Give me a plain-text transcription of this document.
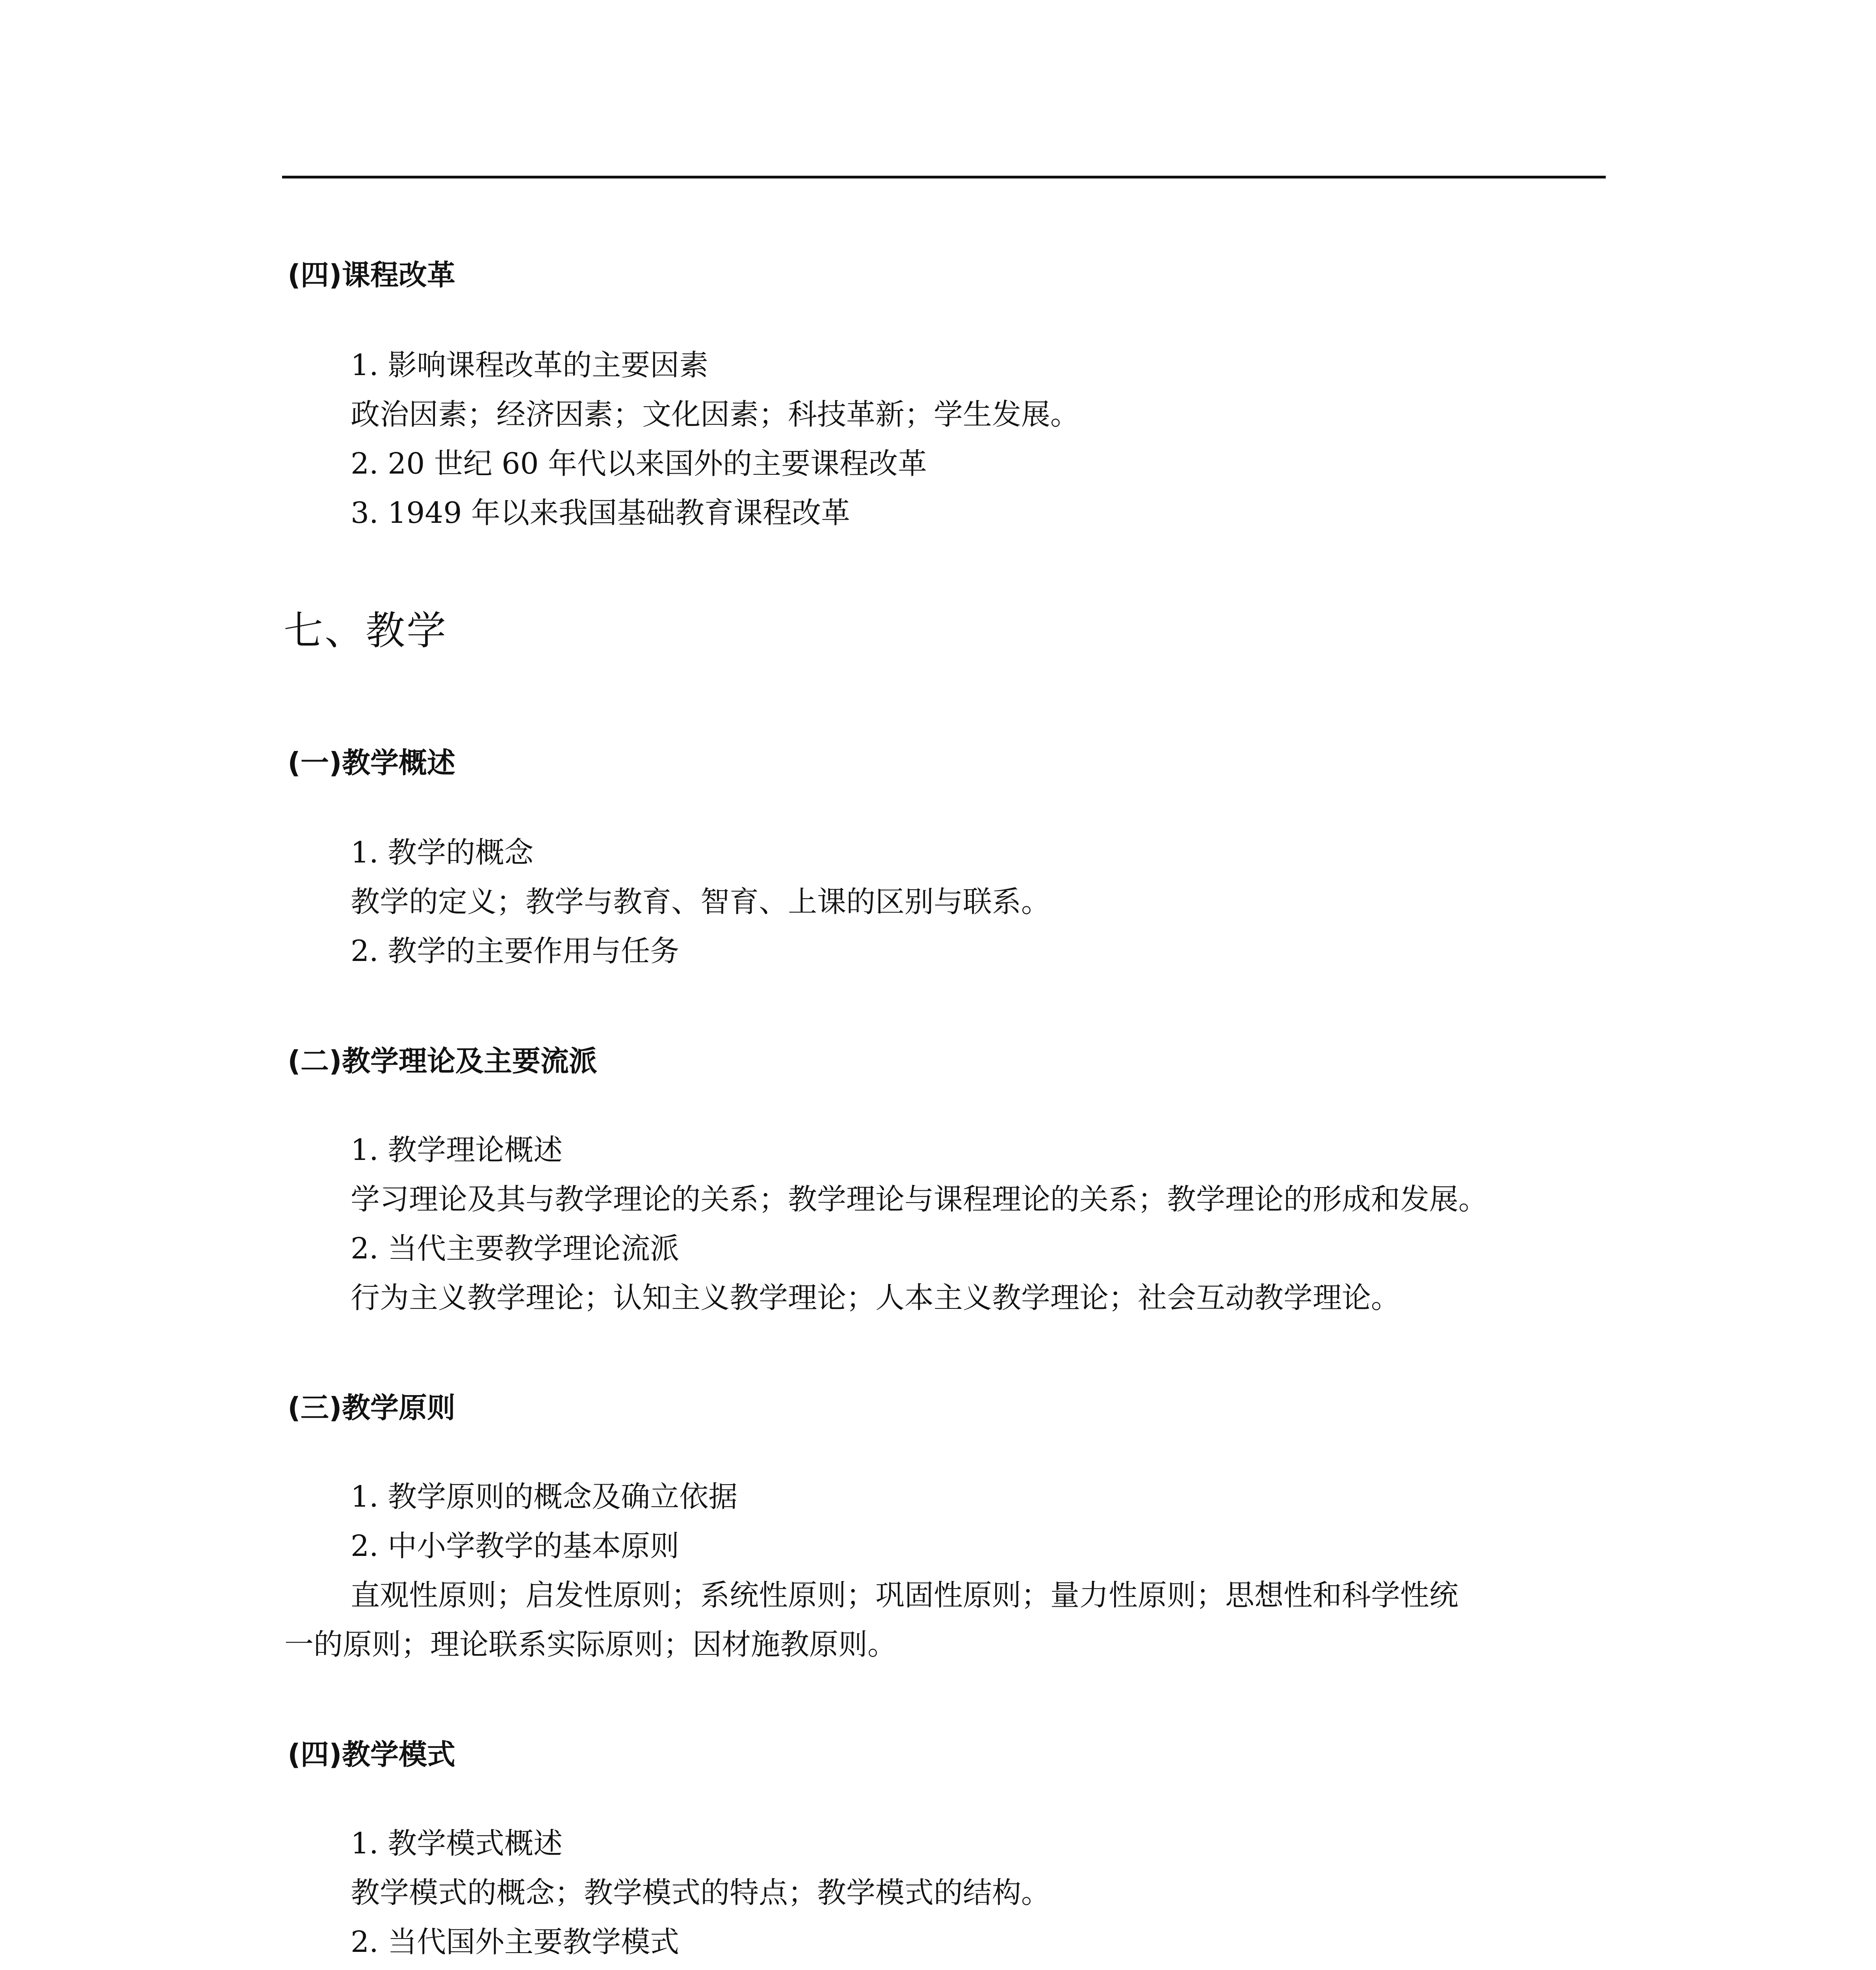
(四)课程改革
1. 影响课程改革的主要因素
政治因素；经济因素；文化因素；科技革新；学生发展。
2. 20 世纪 60 年代以来国外的主要课程改革
3. 1949 年以来我国基础教育课程改革
七、教学
(一)教学概述
1. 教学的概念
教学的定义；教学与教育、智育、上课的区别与联系。
2. 教学的主要作用与任务
(二)教学理论及主要流派
1. 教学理论概述
学习理论及其与教学理论的关系；教学理论与课程理论的关系；教学理论的形成和发展。
2. 当代主要教学理论流派
行为主义教学理论；认知主义教学理论；人本主义教学理论；社会互动教学理论。
(三)教学原则
1. 教学原则的概念及确立依据
2. 中小学教学的基本原则
直观性原则；启发性原则；系统性原则；巩固性原则；量力性原则；思想性和科学性统
一的原则；理论联系实际原则；因材施教原则。
(四)教学模式
1. 教学模式概述
教学模式的概念；教学模式的特点；教学模式的结构。
2. 当代国外主要教学模式
